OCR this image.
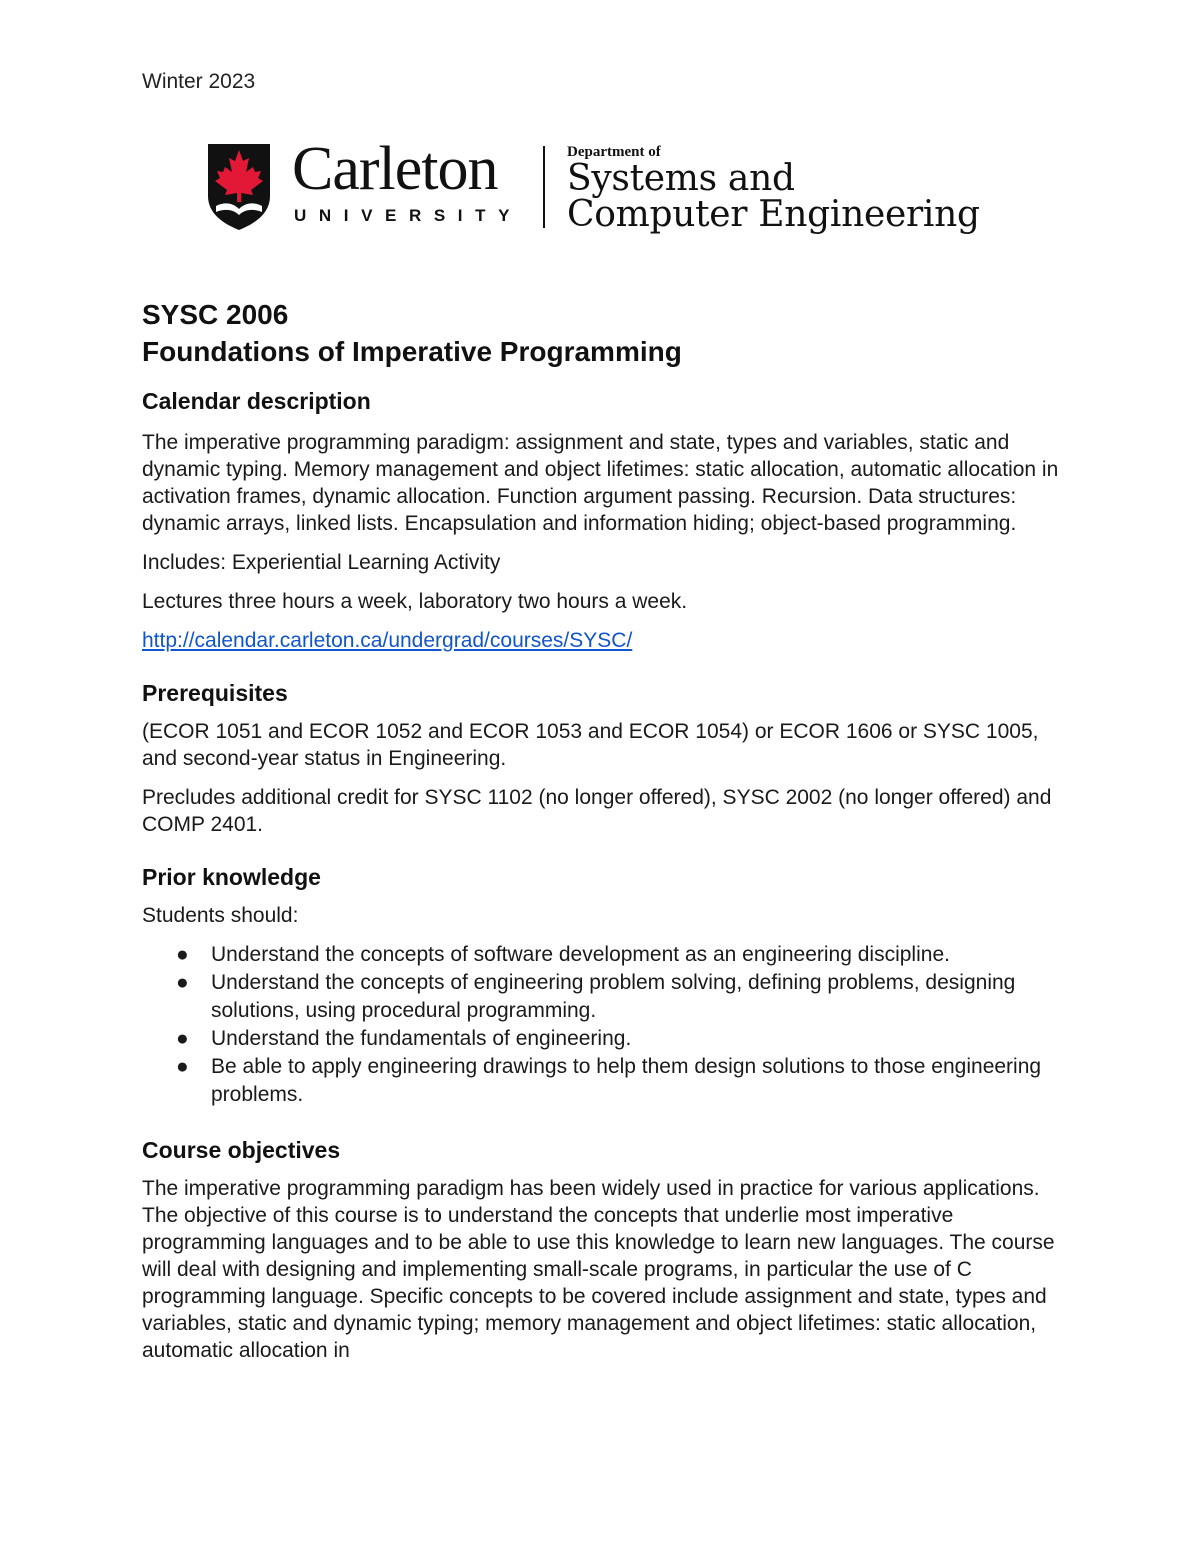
Winter 2023
Carleton
UNIVERSITY
Department of
Systems and
Computer Engineering
SYSC 2006
Foundations of Imperative Programming
Calendar description

The imperative programming paradigm: assignment and state, types and variables, static and dynamic typing. Memory management and object lifetimes: static allocation, automatic allocation in activation frames, dynamic allocation. Function argument passing. Recursion. Data structures: dynamic arrays, linked lists. Encapsulation and information hiding; object-based programming.

Includes: Experiential Learning Activity

Lectures three hours a week, laboratory two hours a week.

http://calendar.carleton.ca/undergrad/courses/SYSC/

Prerequisites

(ECOR 1051 and ECOR 1052 and ECOR 1053 and ECOR 1054) or ECOR 1606 or SYSC 1005, and second-year status in Engineering.

Precludes additional credit for SYSC 1102 (no longer offered), SYSC 2002 (no longer offered) and COMP 2401.

Prior knowledge

Students should:

● Understand the concepts of software development as an engineering discipline.
● Understand the concepts of engineering problem solving, defining problems, designing solutions, using procedural programming.
● Understand the fundamentals of engineering.
● Be able to apply engineering drawings to help them design solutions to those engineering problems.
Course objectives

The imperative programming paradigm has been widely used in practice for various applications. The objective of this course is to understand the concepts that underlie most imperative programming languages and to be able to use this knowledge to learn new languages. The course will deal with designing and implementing small-scale programs, in particular the use of C programming language. Specific concepts to be covered include assignment and state, types and variables, static and dynamic typing; memory management and object lifetimes: static allocation, automatic allocation in
